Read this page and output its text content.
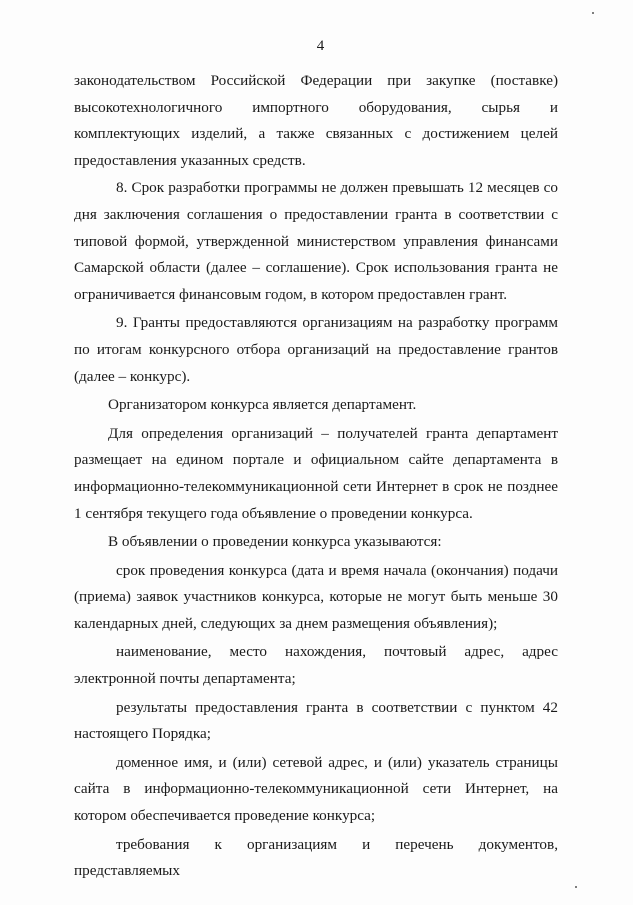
4

законодательством Российской Федерации при закупке (поставке) высокотехнологичного импортного оборудования, сырья и комплектующих изделий, а также связанных с достижением целей предоставления указанных средств.

8. Срок разработки программы не должен превышать 12 месяцев со дня заключения соглашения о предоставлении гранта в соответствии с типовой формой, утвержденной министерством управления финансами Самарской области (далее – соглашение). Срок использования гранта не ограничивается финансовым годом, в котором предоставлен грант.

9. Гранты предоставляются организациям на разработку программ по итогам конкурсного отбора организаций на предоставление грантов (далее – конкурс).

Организатором конкурса является департамент.

Для определения организаций – получателей гранта департамент размещает на едином портале и официальном сайте департамента в информационно-телекоммуникационной сети Интернет в срок не позднее 1 сентября текущего года объявление о проведении конкурса.

В объявлении о проведении конкурса указываются:

срок проведения конкурса (дата и время начала (окончания) подачи (приема) заявок участников конкурса, которые не могут быть меньше 30 календарных дней, следующих за днем размещения объявления);

наименование, место нахождения, почтовый адрес, адрес электронной почты департамента;

результаты предоставления гранта в соответствии с пунктом 42 настоящего Порядка;

доменное имя, и (или) сетевой адрес, и (или) указатель страницы сайта в информационно-телекоммуникационной сети Интернет, на котором обеспечивается проведение конкурса;

требования к организациям и перечень документов, представляемых
